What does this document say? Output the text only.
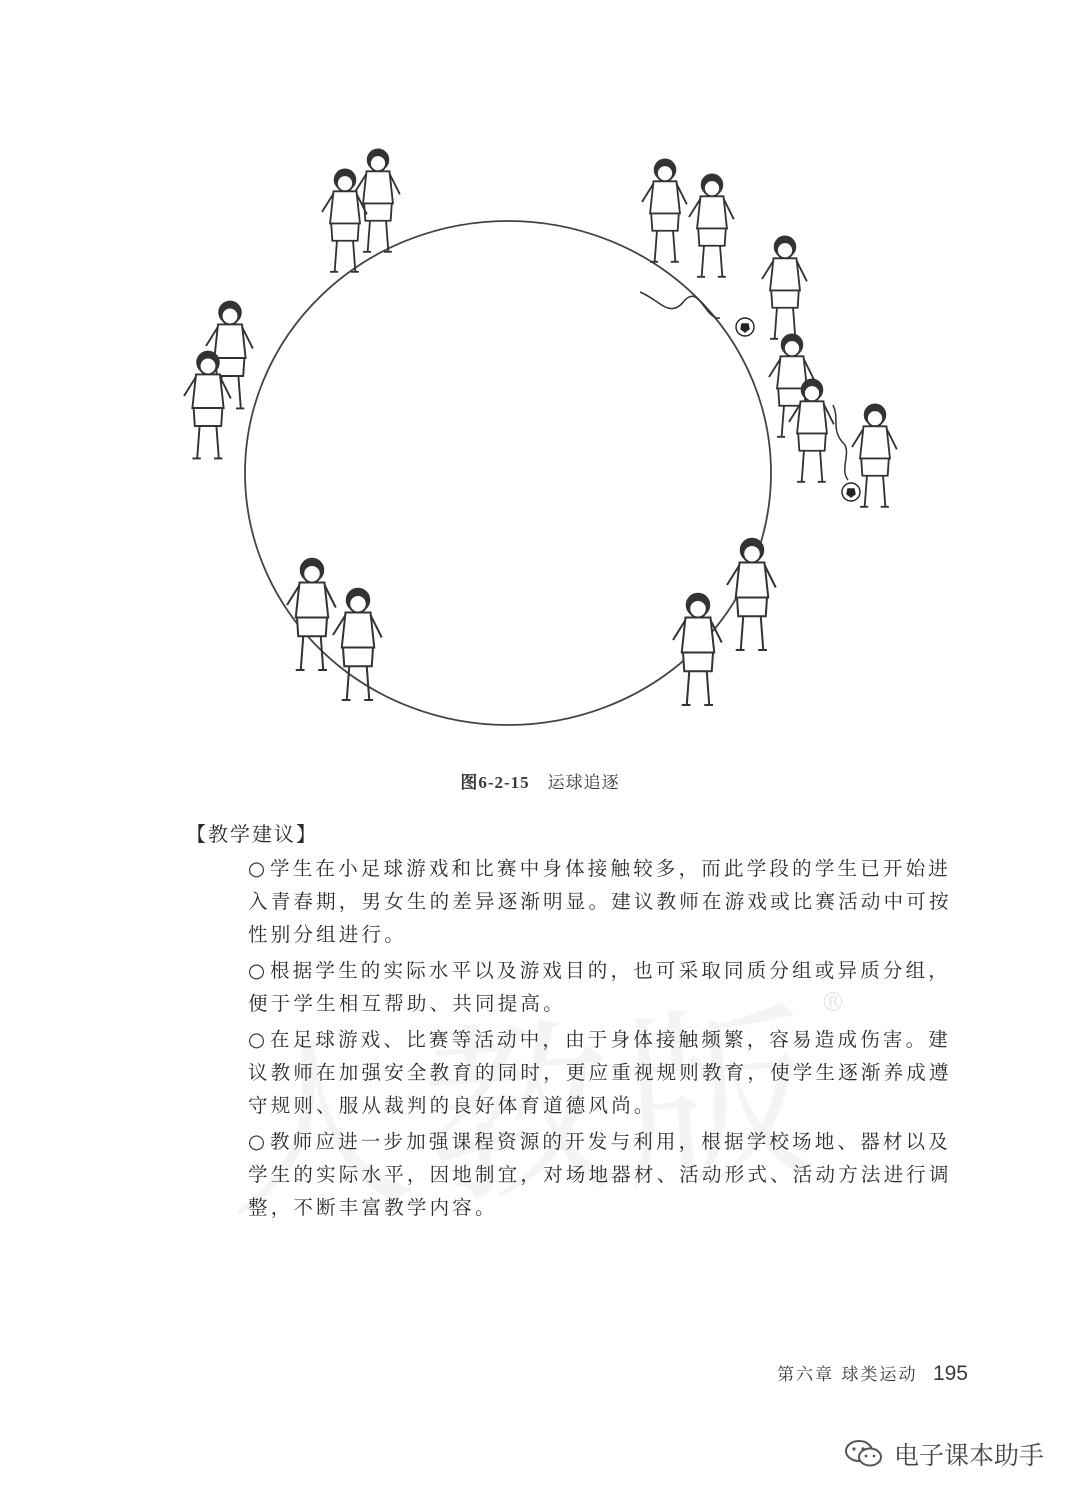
图6-2-15 运球追逐
【教学建议】
®
○学生在小足球游戏和比赛中身体接触较多，而此学段的学生已开始进入青春期，男女生的差异逐渐明显。建议教师在游戏或比赛活动中可按性别分组进行。
○根据学生的实际水平以及游戏目的，也可采取同质分组或异质分组，便于学生相互帮助、共同提高。
○在足球游戏、比赛等活动中，由于身体接触频繁，容易造成伤害。建议教师在加强安全教育的同时，更应重视规则教育，使学生逐渐养成遵守规则、服从裁判的良好体育道德风尚。
○教师应进一步加强课程资源的开发与利用，根据学校场地、器材以及学生的实际水平，因地制宜，对场地器材、活动形式、活动方法进行调整，不断丰富教学内容。
第六章 球类运动 195
电子课本助手
